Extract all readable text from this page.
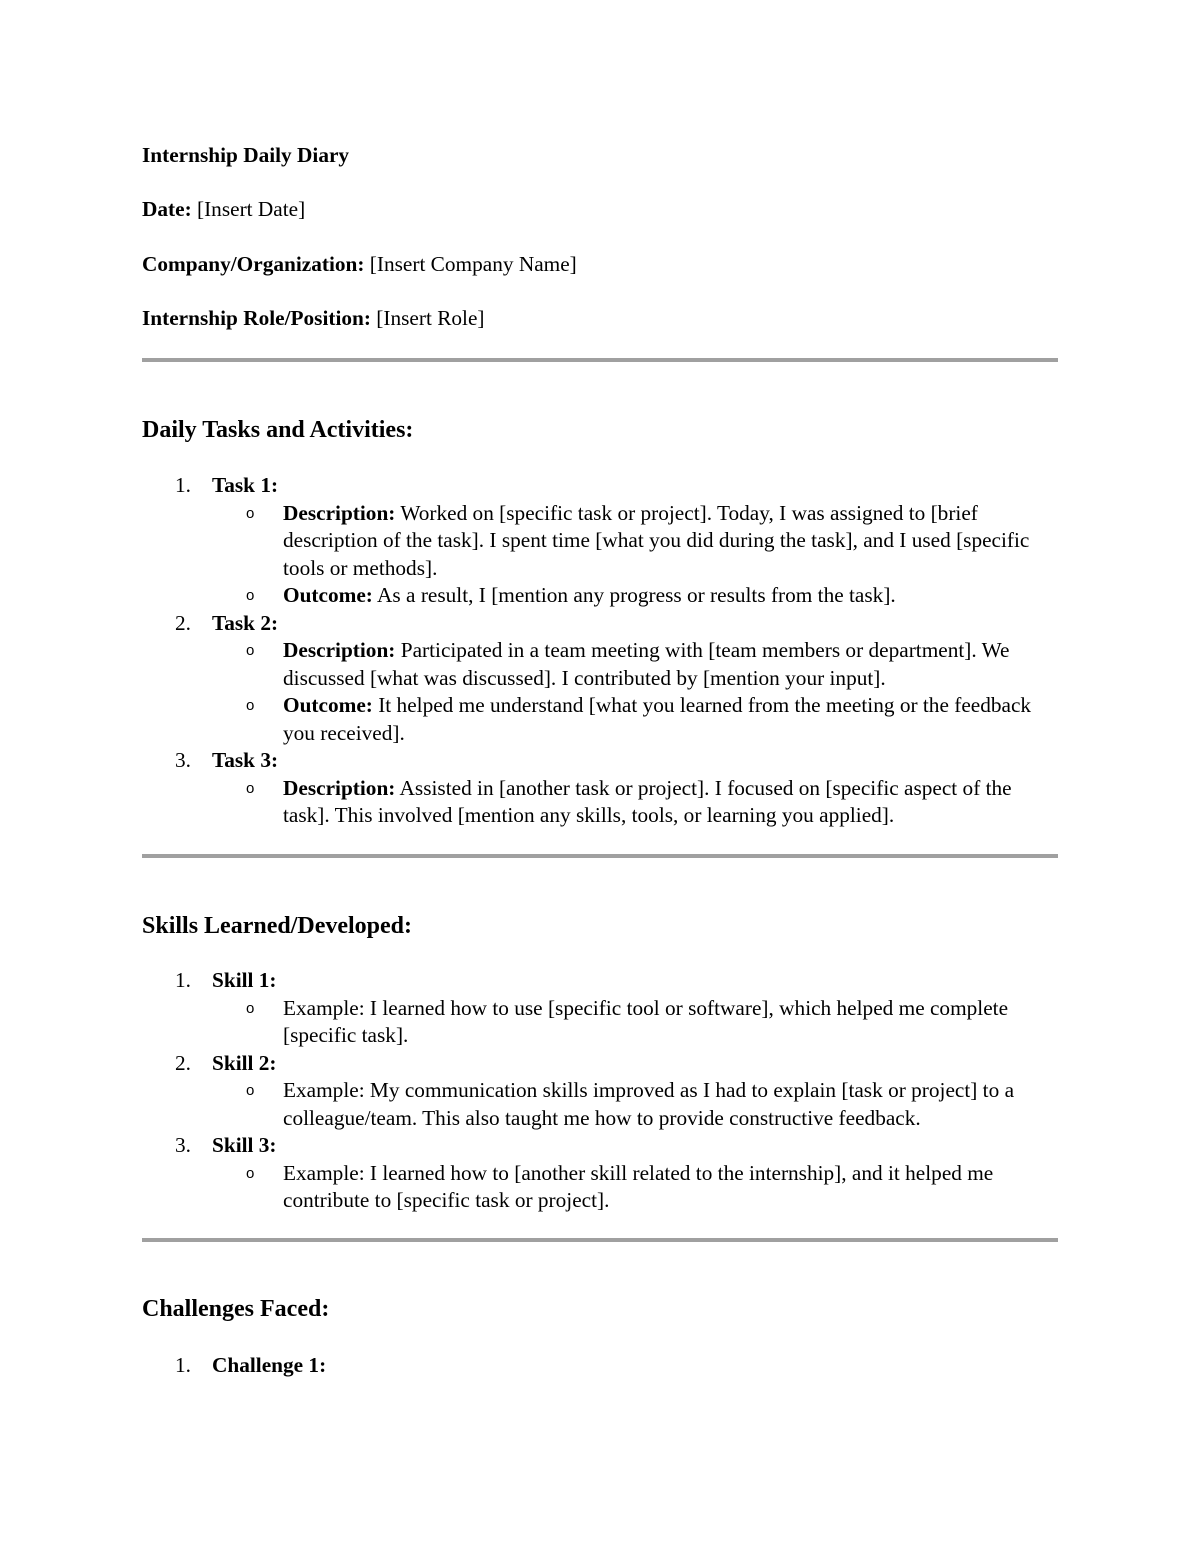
Internship Daily Diary
Date: [Insert Date]
Company/Organization: [Insert Company Name]
Internship Role/Position: [Insert Role]
Daily Tasks and Activities:
1. Task 1:
o Description: Worked on [specific task or project]. Today, I was assigned to [brief description of the task]. I spent time [what you did during the task], and I used [specific tools or methods].
o Outcome: As a result, I [mention any progress or results from the task].
2. Task 2:
o Description: Participated in a team meeting with [team members or department]. We discussed [what was discussed]. I contributed by [mention your input].
o Outcome: It helped me understand [what you learned from the meeting or the feedback you received].
3. Task 3:
o Description: Assisted in [another task or project]. I focused on [specific aspect of the task]. This involved [mention any skills, tools, or learning you applied].
Skills Learned/Developed:
1. Skill 1:
o Example: I learned how to use [specific tool or software], which helped me complete [specific task].
2. Skill 2:
o Example: My communication skills improved as I had to explain [task or project] to a colleague/team. This also taught me how to provide constructive feedback.
3. Skill 3:
o Example: I learned how to [another skill related to the internship], and it helped me contribute to [specific task or project].
Challenges Faced:
1. Challenge 1:
